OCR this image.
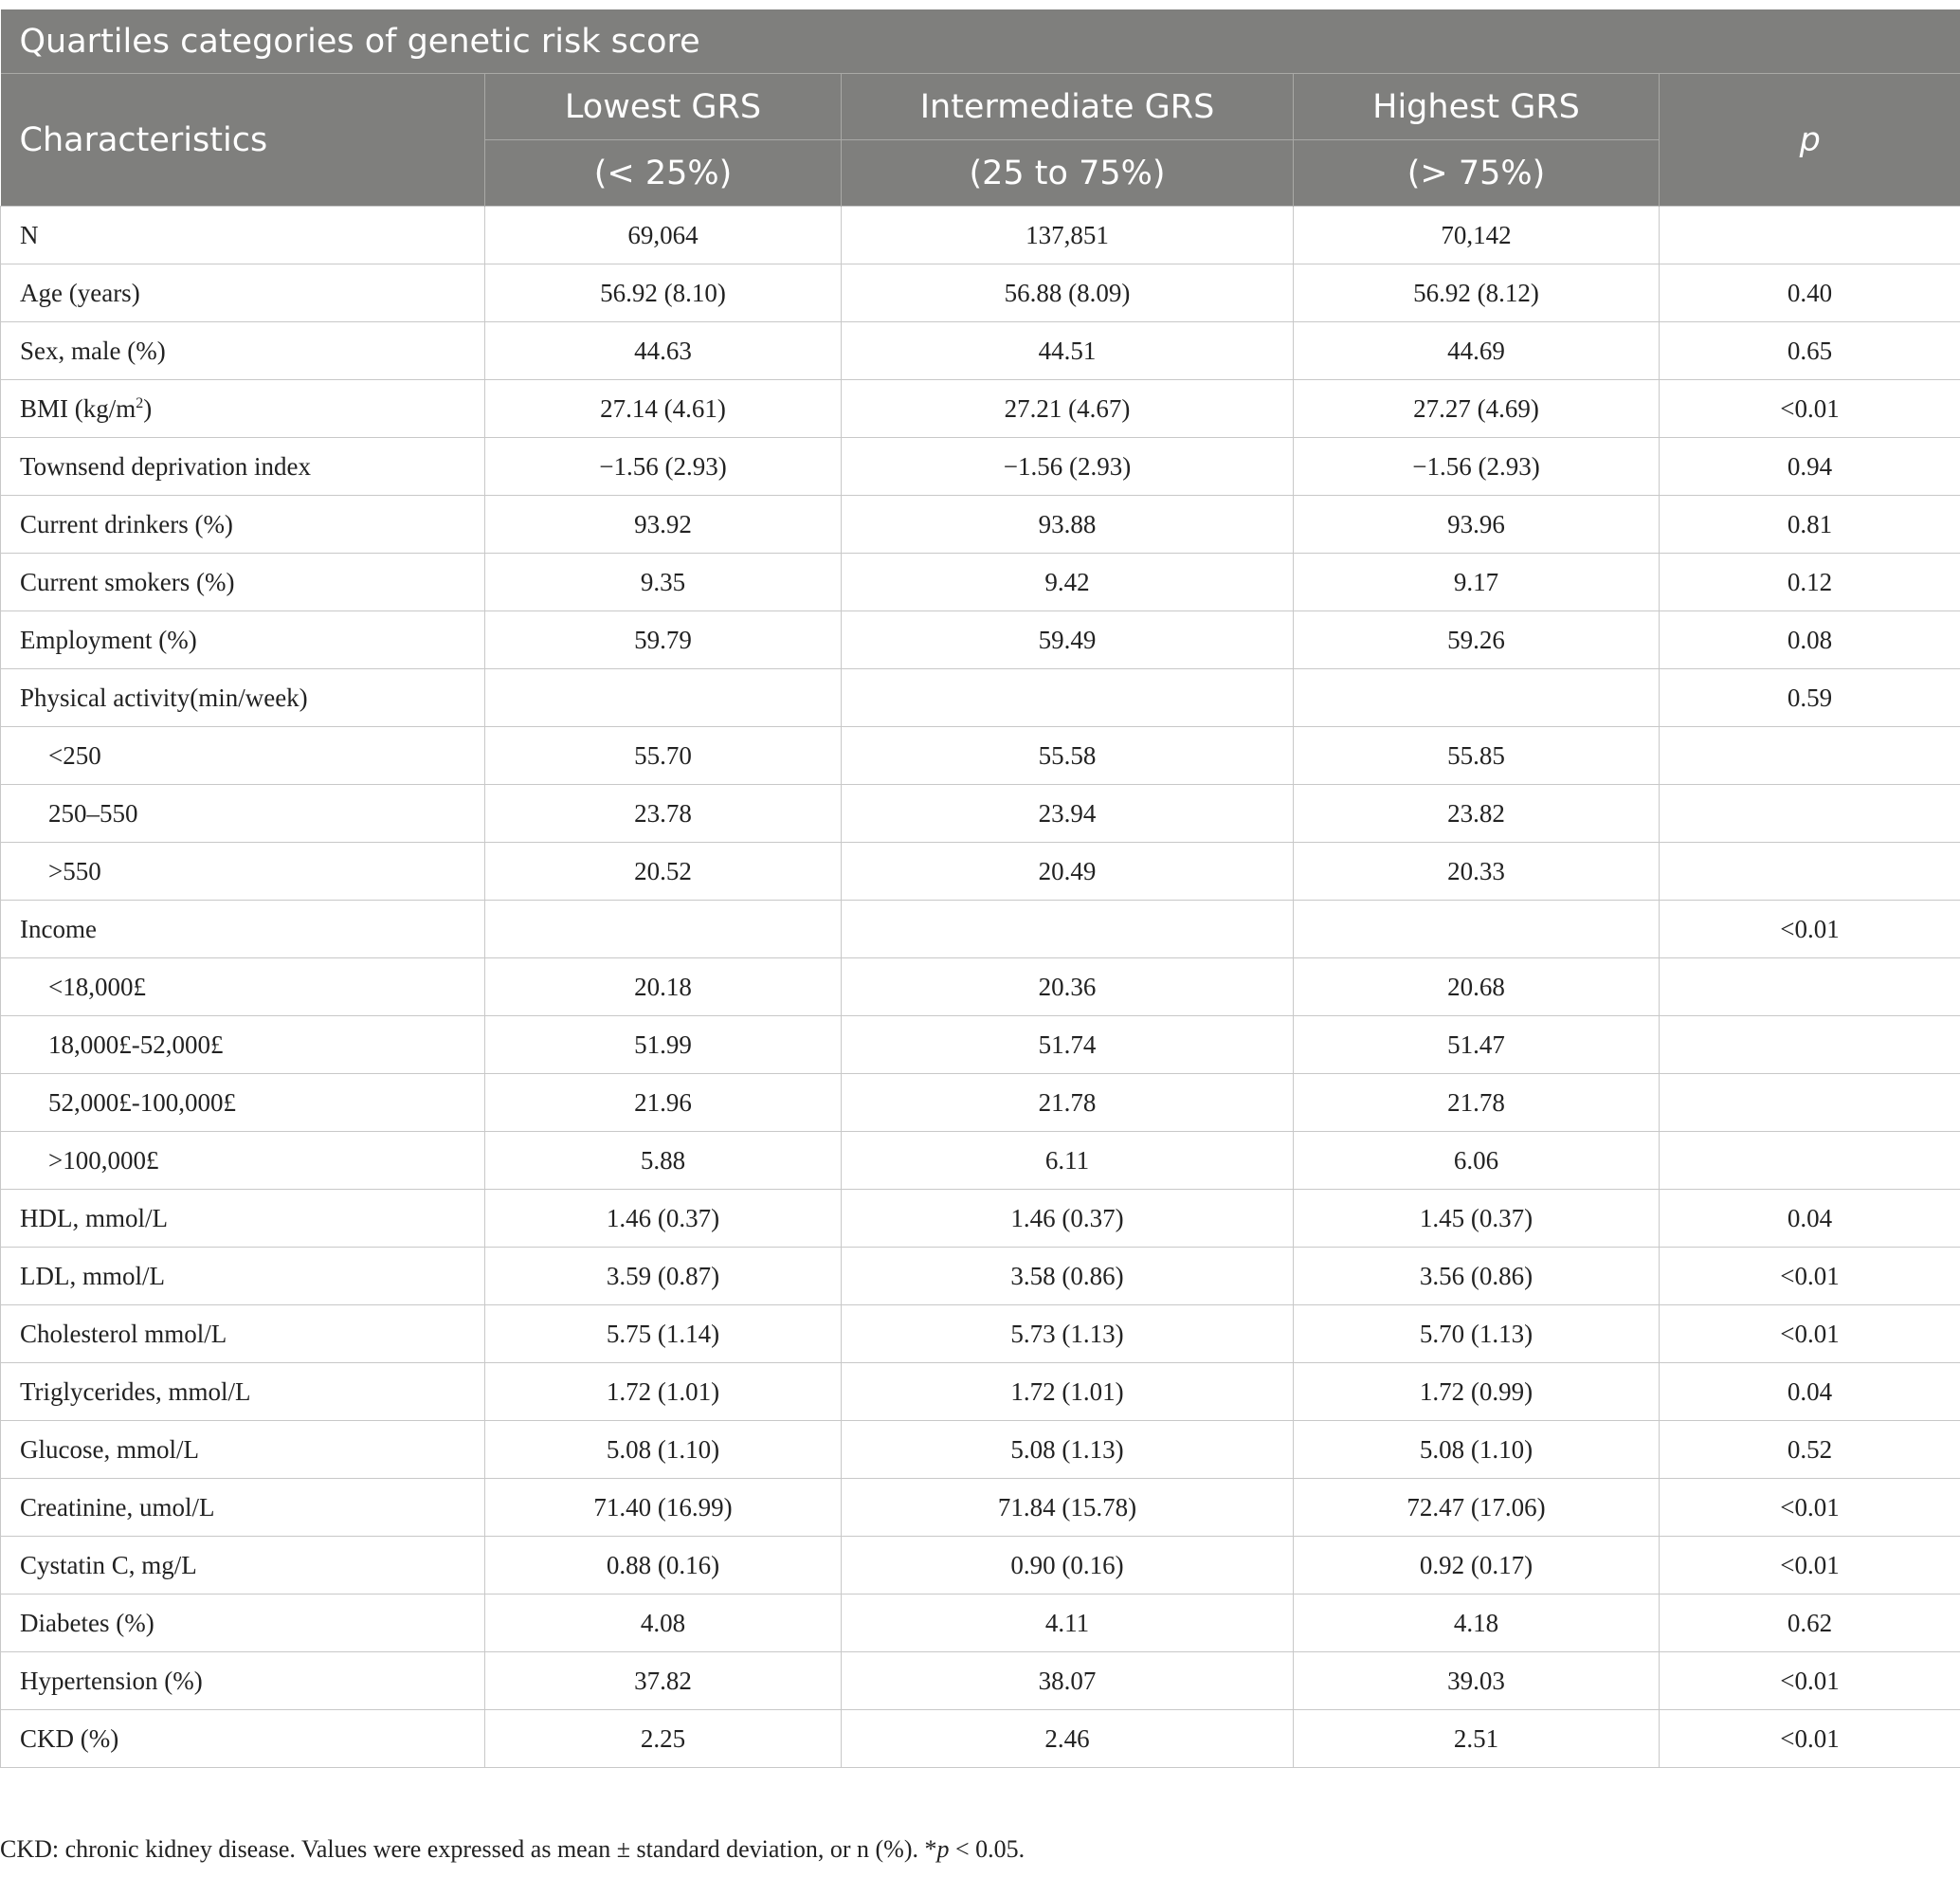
Quartiles categories of genetic risk score				
Characteristics	Lowest GRS	Intermediate GRS	Highest GRS	p
	(< 25%)	(25 to 75%)	(> 75%)	
N	69,064	137,851	70,142	
Age (years)	56.92 (8.10)	56.88 (8.09)	56.92 (8.12)	0.40
Sex, male (%)	44.63	44.51	44.69	0.65
BMI $(kg/m^2)$	27.14 (4.61)	27.21 (4.67)	27.27 (4.69)	<0.01
Townsend deprivation index	−1.56 (2.93)	−1.56 (2.93)	−1.56 (2.93)	0.94
Current drinkers (%)	93.92	93.88	93.96	0.81
Current smokers (%)	9.35	9.42	9.17	0.12
Employment (%)	59.79	59.49	59.26	0.08
Physical activity(min/week)				0.59
<250	55.70	55.58	55.85	
250–550	23.78	23.94	23.82	
>550	20.52	20.49	20.33	
Income				<0.01
<18,000£	20.18	20.36	20.68	
18,000£-52,000£	51.99	51.74	51.47	
52,000£-100,000£	21.96	21.78	21.78	
>100,000£	5.88	6.11	6.06	
HDL, mmol/L	1.46 (0.37)	1.46 (0.37)	1.45 (0.37)	0.04
LDL, mmol/L	3.59 (0.87)	3.58 (0.86)	3.56 (0.86)	<0.01
Cholesterol mmol/L	5.75 (1.14)	5.73 (1.13)	5.70 (1.13)	<0.01
Triglycerides, mmol/L	1.72 (1.01)	1.72 (1.01)	1.72 (0.99)	0.04
Glucose, mmol/L	5.08 (1.10)	5.08 (1.13)	5.08 (1.10)	0.52
Creatinine, umol/L	71.40 (16.99)	71.84 (15.78)	72.47 (17.06)	<0.01
Cystatin C, mg/L	0.88 (0.16)	0.90 (0.16)	0.92 (0.17)	<0.01
Diabetes (%)	4.08	4.11	4.18	0.62
Hypertension (%)	37.82	38.07	39.03	<0.01
CKD (%)	2.25	2.46	2.51	<0.01
CKD: chronic kidney disease. Values were expressed as mean ± standard deviation, or n (%). *p < 0.05.
